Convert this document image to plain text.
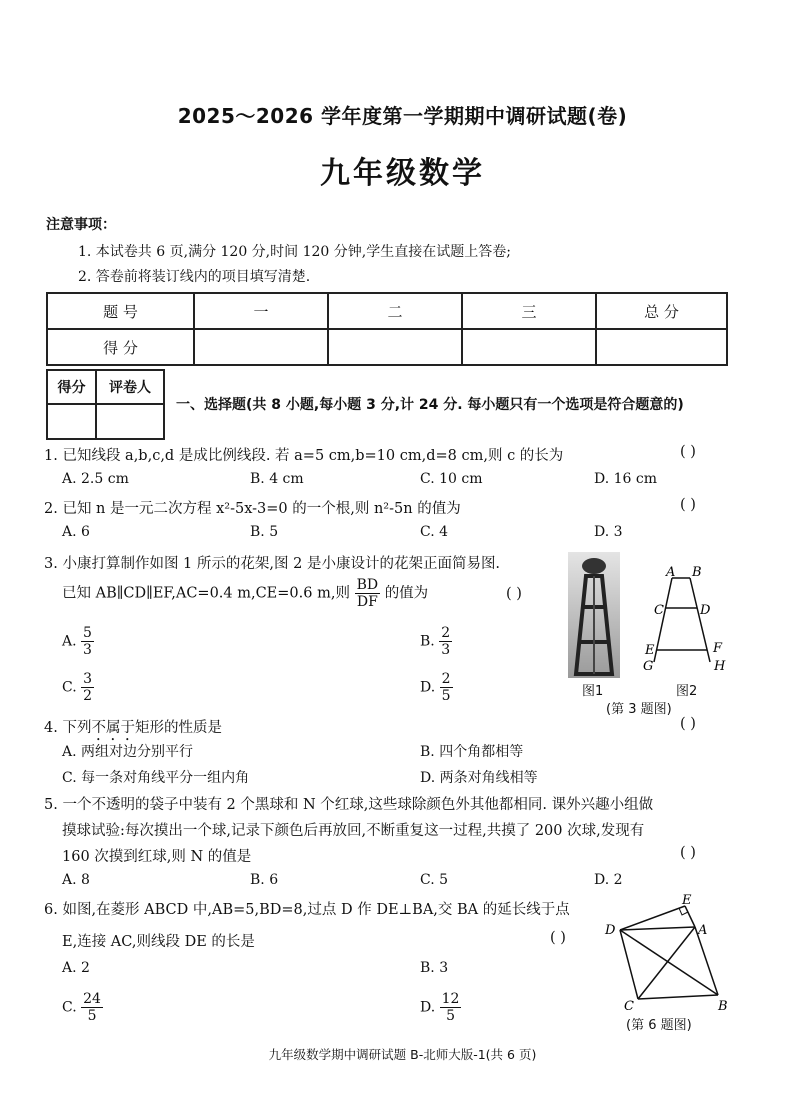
2025～2026 学年度第一学期期中调研试题(卷)
九年级数学
注意事项：
1. 本试卷共 6 页,满分 120 分,时间 120 分钟,学生直接在试题上答卷;
2. 答卷前将装订线内的项目填写清楚.
题 号	一	二	三	总 分
得 分				
得分	评卷人

一、选择题(共 8 小题,每小题 3 分,计 24 分. 每小题只有一个选项是符合题意的)
1. 已知线段 a,b,c,d 是成比例线段. 若 a=5 cm,b=10 cm,d=8 cm,则 c 的长为	( )
A. 2.5 cm	B. 4 cm	C. 10 cm	D. 16 cm
2. 已知 n 是一元二次方程 x²-5x-3=0 的一个根,则 n²-5n 的值为	( )
A. 6	B. 5	C. 4	D. 3
3. 小康打算制作如图 1 所示的花架,图 2 是小康设计的花架正面简易图.
已知 AB∥CD∥EF,AC=0.4 m,CE=0.6 m,则 $\frac{BD}{DF}$ 的值为	( )
A. $\frac{5}{3}$	B. $\frac{2}{3}$
C. $\frac{3}{2}$	D. $\frac{2}{5}$
A B
C	D
E	F
G	H
图1	图2
(第 3 题图)
4. 下列不属于矩形的性质是	( )
A. 两组对边分别平行	B. 四个角都相等
C. 每一条对角线平分一组内角	D. 两条对角线相等
5. 一个不透明的袋子中装有 2 个黑球和 N 个红球,这些球除颜色外其他都相同. 课外兴趣小组做
摸球试验:每次摸出一个球,记录下颜色后再放回,不断重复这一过程,共摸了 200 次球,发现有
160 次摸到红球,则 N 的值是	( )
A. 8	B. 6	C. 5	D. 2
6. 如图,在菱形 ABCD 中,AB=5,BD=8,过点 D 作 DE⊥BA,交 BA 的延长线于点
E,连接 AC,则线段 DE 的长是	( )
A. 2	B. 3
C. $\frac{24}{5}$	D. $\frac{12}{5}$
D
E
A
C	B
(第 6 题图)
九年级数学期中调研试题 B-北师大版-1(共 6 页)
